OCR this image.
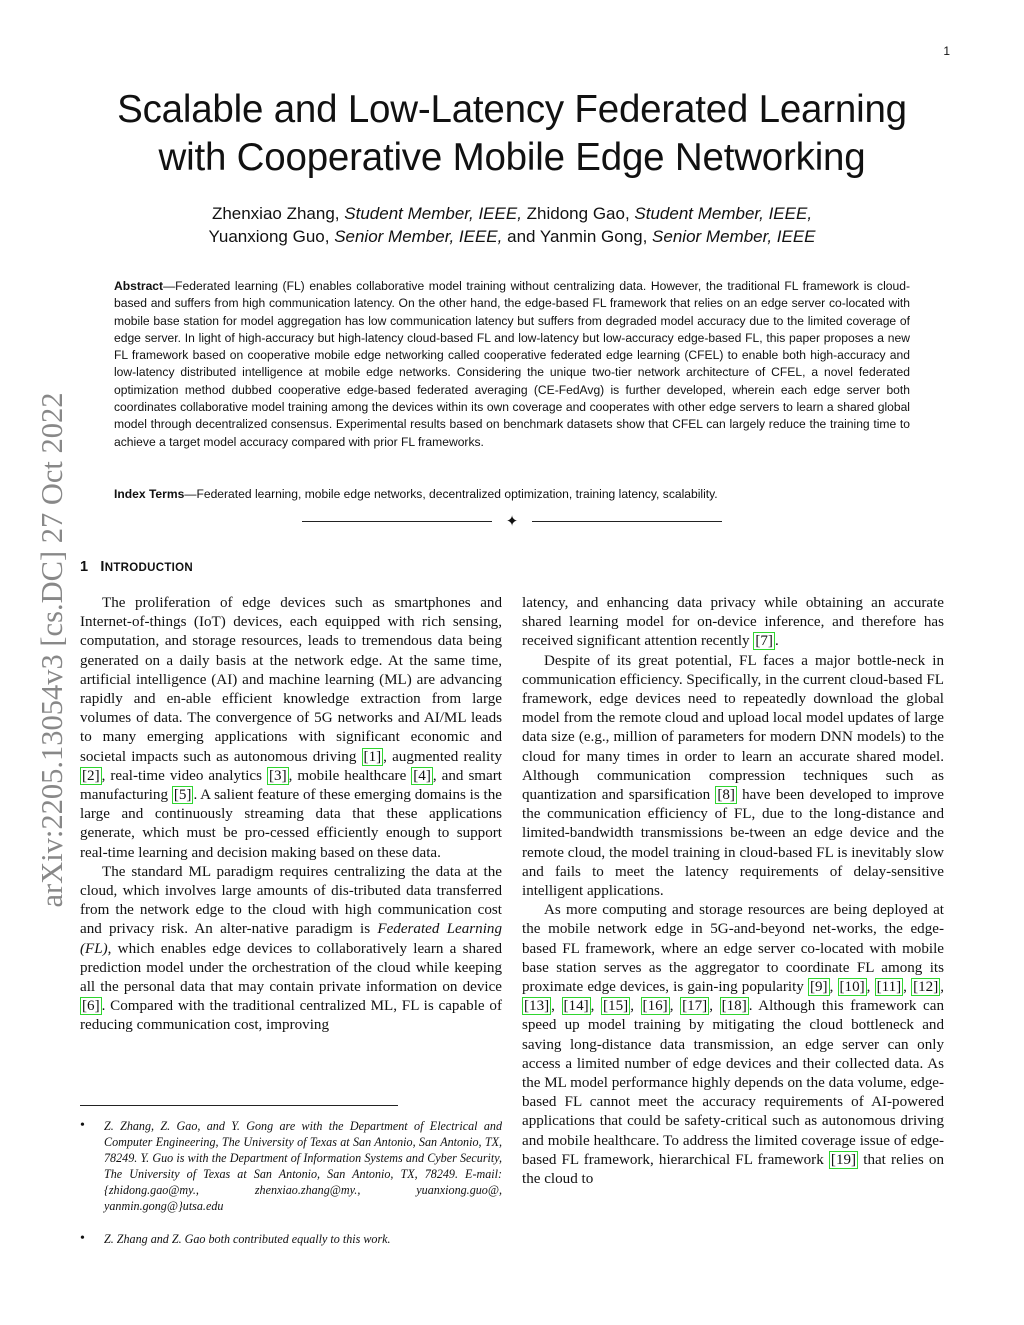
1
Scalable and Low-Latency Federated Learning
with Cooperative Mobile Edge Networking
Zhenxiao Zhang, Student Member, IEEE, Zhidong Gao, Student Member, IEEE,
Yuanxiong Guo, Senior Member, IEEE, and Yanmin Gong, Senior Member, IEEE

Abstract—Federated learning (FL) enables collaborative model training without centralizing data. However, the traditional FL framework is cloud-based and suffers from high communication latency. On the other hand, the edge-based FL framework that relies on an edge server co-located with mobile base station for model aggregation has low communication latency but suffers from degraded model accuracy due to the limited coverage of edge server. In light of high-accuracy but high-latency cloud-based FL and low-latency but low-accuracy edge-based FL, this paper proposes a new FL framework based on cooperative mobile edge networking called cooperative federated edge learning (CFEL) to enable both high-accuracy and low-latency distributed intelligence at mobile edge networks. Considering the unique two-tier network architecture of CFEL, a novel federated optimization method dubbed cooperative edge-based federated averaging (CE-FedAvg) is further developed, wherein each edge server both coordinates collaborative model training among the devices within its own coverage and cooperates with other edge servers to learn a shared global model through decentralized consensus. Experimental results based on benchmark datasets show that CFEL can largely reduce the training time to achieve a target model accuracy compared with prior FL frameworks.

Index Terms—Federated learning, mobile edge networks, decentralized optimization, training latency, scalability.

✦
1 INTRODUCTION

The proliferation of edge devices such as smartphones and Internet-of-things (IoT) devices, each equipped with rich sensing, computation, and storage resources, leads to tremendous data being generated on a daily basis at the network edge. At the same time, artificial intelligence (AI) and machine learning (ML) are advancing rapidly and en-able efficient knowledge extraction from large volumes of data. The convergence of 5G networks and AI/ML leads to many emerging applications with significant economic and societal impacts such as autonomous driving [1] , augmented reality [2] , real-time video analytics [3] , mobile healthcare [4] , and smart manufacturing [5] . A salient feature of these emerging domains is the large and continuously streaming data that these applications generate, which must be pro-cessed efficiently enough to support real-time learning and decision making based on these data.

The standard ML paradigm requires centralizing the data at the cloud, which involves large amounts of dis-tributed data transferred from the network edge to the cloud with high communication cost and privacy risk. An alter-native paradigm is Federated Learning (FL), which enables edge devices to collaboratively learn a shared prediction model under the orchestration of the cloud while keeping all the personal data that may contain private information on device [6] . Compared with the traditional centralized ML, FL is capable of reducing communication cost, improving

latency, and enhancing data privacy while obtaining an accurate shared learning model for on-device inference, and therefore has received significant attention recently [7] .

Despite of its great potential, FL faces a major bottle-neck in communication efficiency. Specifically, in the current cloud-based FL framework, edge devices need to repeatedly download the global model from the remote cloud and upload local model updates of large data size (e.g., million of parameters for modern DNN models) to the cloud for many times in order to learn an accurate shared model. Although communication compression techniques such as quantization and sparsification [8] have been developed to improve the communication efficiency of FL, due to the long-distance and limited-bandwidth transmissions be-tween an edge device and the remote cloud, the model training in cloud-based FL is inevitably slow and fails to meet the latency requirements of delay-sensitive intelligent applications.

As more computing and storage resources are being deployed at the mobile network edge in 5G-and-beyond net-works, the edge-based FL framework, where an edge server co-located with mobile base station serves as the aggregator to coordinate FL among its proximate edge devices, is gain-ing popularity [9] , [10] , [11] , [12] , [13] , [14] , [15] , [16] , [17] , [18] . Although this framework can speed up model training by mitigating the cloud bottleneck and saving long-distance data transmission, an edge server can only access a limited number of edge devices and their collected data. As the ML model performance highly depends on the data volume, edge-based FL cannot meet the accuracy requirements of AI-powered applications that could be safety-critical such as autonomous driving and mobile healthcare. To address the limited coverage issue of edge-based FL framework, hierarchical FL framework [19] that relies on the cloud to

• Z. Zhang, Z. Gao, and Y. Gong are with the Department of Electrical and Computer Engineering, The University of Texas at San Antonio, San Antonio, TX, 78249. Y. Guo is with the Department of Information Systems and Cyber Security, The University of Texas at San Antonio, San Antonio, TX, 78249. E-mail: {zhidong.gao@my., zhenxiao.zhang@my., yuanxiong.guo@, yanmin.gong@}utsa.edu
• Z. Zhang and Z. Gao both contributed equally to this work.
arXiv:2205.13054v3 [cs.DC] 27 Oct 2022
